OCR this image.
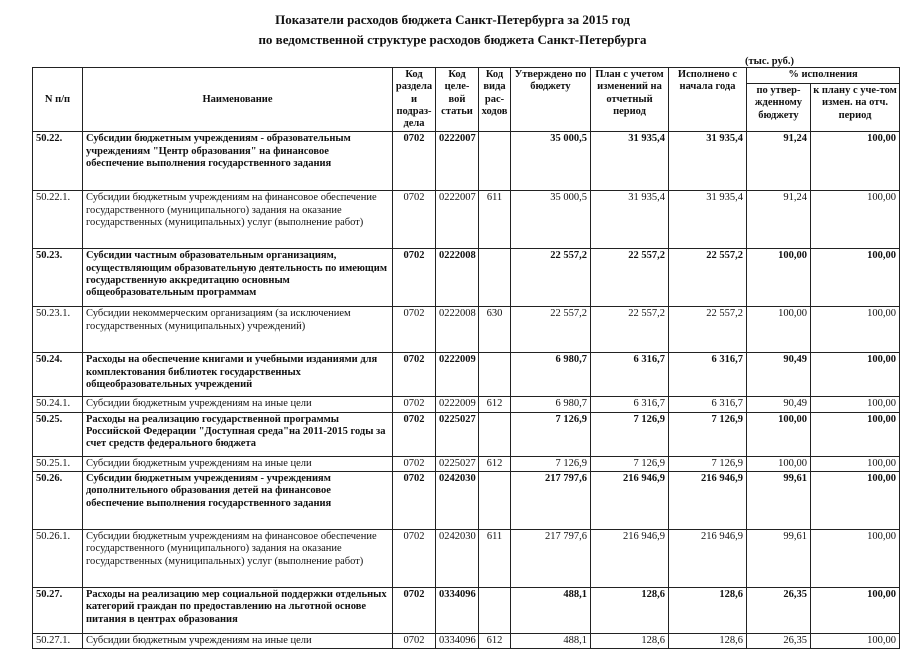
Показатели расходов бюджета Санкт-Петербурга за 2015 год
по ведомственной структуре расходов бюджета Санкт-Петербурга
(тыс. руб.)
N п/п	Наименование	Код раздела и подраз-дела	Код целе-вой статьи	Код вида рас-ходов	Утверждено по бюджету	План с учетом изменений на отчетный период	Исполнено с начала года	% исполнения	
								по утвер-жденному бюджету	к плану с уче-том измен. на отч. период
50.22.	Субсидии бюджетным учреждениям - образовательным учреждениям "Центр образования" на финансовое обеспечение выполнения государственного задания	0702	0222007		35 000,5	31 935,4	31 935,4	91,24	100,00
50.22.1.	Субсидии бюджетным учреждениям на финансовое обеспечение государственного (муниципального) задания на оказание государственных (муниципальных) услуг (выполнение работ)	0702	0222007	611	35 000,5	31 935,4	31 935,4	91,24	100,00
50.23.	Субсидии частным образовательным организациям, осуществляющим образовательную деятельность по имеющим государственную аккредитацию основным общеобразовательным программам	0702	0222008		22 557,2	22 557,2	22 557,2	100,00	100,00
50.23.1.	Субсидии некоммерческим организациям (за исключением государственных (муниципальных) учреждений)	0702	0222008	630	22 557,2	22 557,2	22 557,2	100,00	100,00
50.24.	Расходы на обеспечение книгами и учебными изданиями для комплектования библиотек государственных общеобразовательных учреждений	0702	0222009		6 980,7	6 316,7	6 316,7	90,49	100,00
50.24.1.	Субсидии бюджетным учреждениям на иные цели	0702	0222009	612	6 980,7	6 316,7	6 316,7	90,49	100,00
50.25.	Расходы на реализацию государственной программы Российской Федерации "Доступная среда"на 2011-2015 годы за счет средств федерального бюджета	0702	0225027		7 126,9	7 126,9	7 126,9	100,00	100,00
50.25.1.	Субсидии бюджетным учреждениям на иные цели	0702	0225027	612	7 126,9	7 126,9	7 126,9	100,00	100,00
50.26.	Субсидии бюджетным учреждениям - учреждениям дополнительного образования детей на финансовое обеспечение выполнения государственного задания	0702	0242030		217 797,6	216 946,9	216 946,9	99,61	100,00
50.26.1.	Субсидии бюджетным учреждениям на финансовое обеспечение государственного (муниципального) задания на оказание государственных (муниципальных) услуг (выполнение работ)	0702	0242030	611	217 797,6	216 946,9	216 946,9	99,61	100,00
50.27.	Расходы на реализацию мер социальной поддержки отдельных категорий граждан по предоставлению на льготной основе питания в центрах образования	0702	0334096		488,1	128,6	128,6	26,35	100,00
50.27.1.	Субсидии бюджетным учреждениям на иные цели	0702	0334096	612	488,1	128,6	128,6	26,35	100,00
